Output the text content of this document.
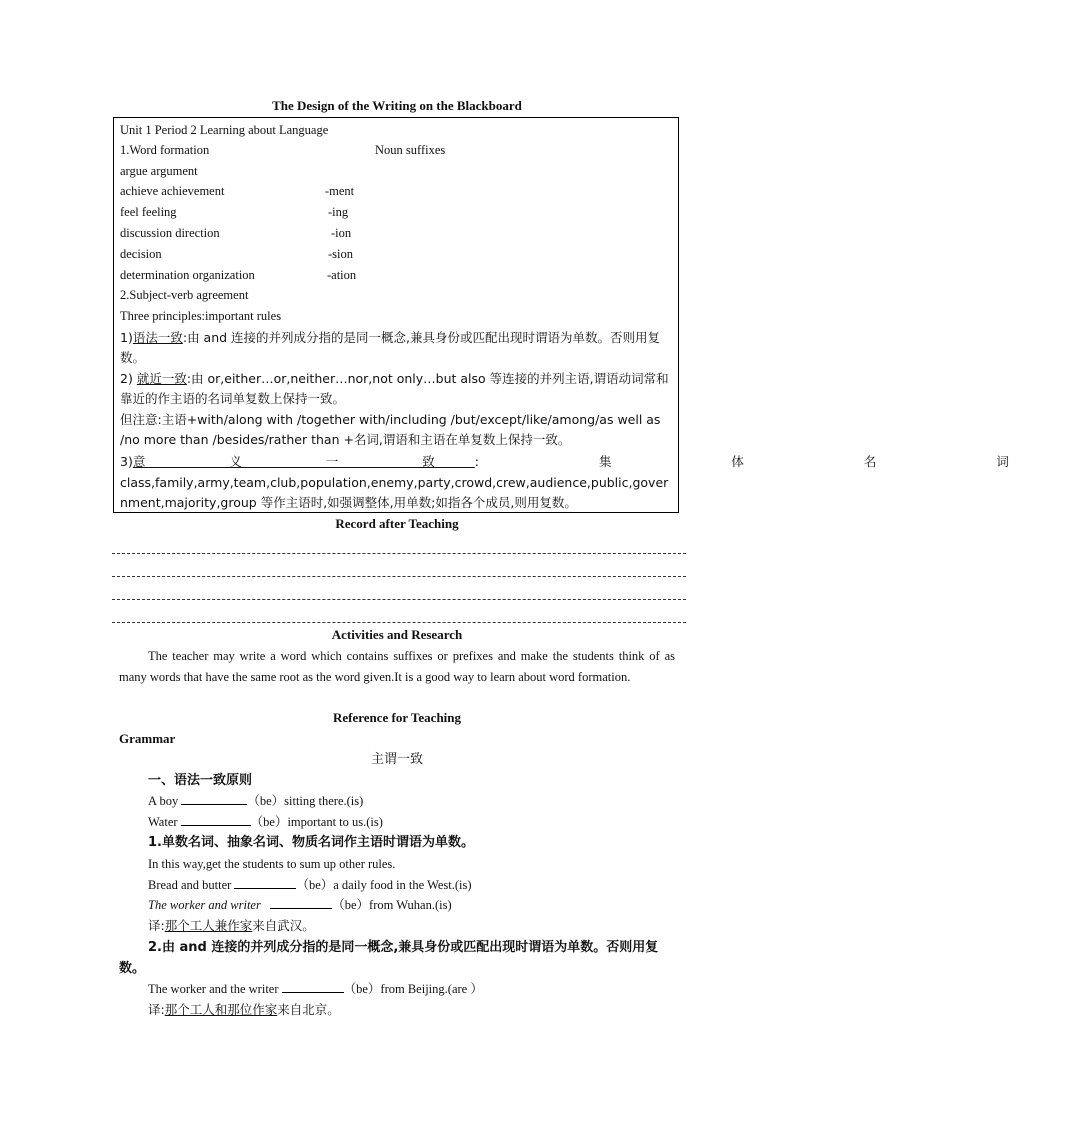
The Design of the Writing on the Blackboard
Unit 1 Period 2 Learning about Language
1.Word formation	Noun suffixes
argue argument
achieve achievement	-ment
feel feeling	-ing
discussion direction	-ion
decision	-sion
determination organization	-ation
2.Subject-verb agreement
Three principles:important rules
1)语法一致:由 and 连接的并列成分指的是同一概念,兼具身份或匹配出现时谓语为单数。否则用复数。
2) 就近一致:由 or,either…or,neither…nor,not only…but also 等连接的并列主语,谓语动词常和靠近的作主语的名词单复数上保持一致。
但注意:主语+with/along with /together with/including /but/except/like/among/as well as /no more than /besides/rather than +名词,谓语和主语在单复数上保持一致。
3) 意 义 一 致 : 集 体 名 词
class,family,army,team,club,population,enemy,party,crowd,crew,audience,public,government,majority,group 等作主语时,如强调整体,用单数;如指各个成员,则用复数。
Record after Teaching
Activities and Research
The teacher may write a word which contains suffixes or prefixes and make the students think of as many words that have the same root as the word given.It is a good way to learn about word formation.
Reference for Teaching
Grammar
主谓一致
一、语法一致原则
A boy	（be）sitting there.(is)
Water	（be）important to us.(is)
1.单数名词、抽象名词、物质名词作主语时谓语为单数。
In this way,get the students to sum up other rules.
Bread and butter	（be）a daily food in the West.(is)
The worker and writer	（be）from Wuhan.(is)
译:那个工人兼作家来自武汉。
2.由 and 连接的并列成分指的是同一概念,兼具身份或匹配出现时谓语为单数。否则用复数。
The worker and the writer	（be）from Beijing.(are ）
译:那个工人和那位作家来自北京。
